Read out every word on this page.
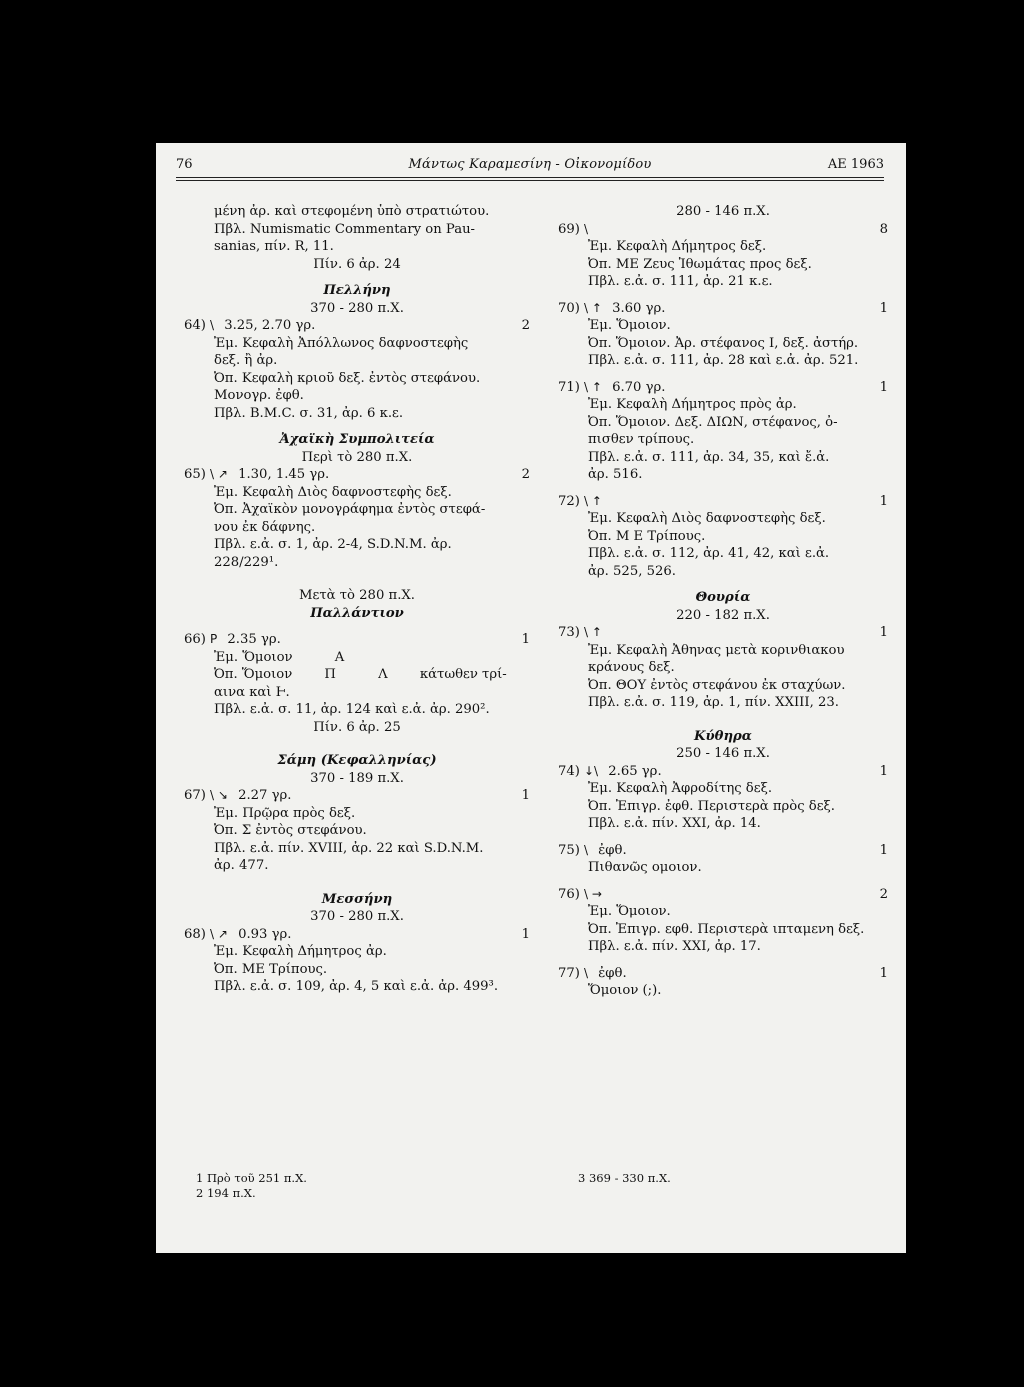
76	Μάντως Καραμεσίνη - Οἰκονομίδου	ΑΕ 1963
μένη ἀρ. καὶ στεφομένη ὑπὸ στρατιώτου.
Πβλ. Numismatic Commentary on Pau-
sanias, πίν. R, 11.
Πίν. 6 ἀρ. 24
Πελλήνη
370 - 280 π.Χ.
64) \ 3.25, 2.70 γρ.	2
Ἐμ. Κεφαλὴ Ἀπόλλωνος δαφνοστεφὴς
δεξ. ἢ ἀρ.
Ὀπ. Κεφαλὴ κριοῦ δεξ. ἐντὸς στεφάνου.
Μονογρ. ἐφθ.
Πβλ. B.M.C. σ. 31, ἀρ. 6 κ.ε.
Ἀχαϊκὴ Συμπολιτεία
Περὶ τὸ 280 π.Χ.
65) \ ↗ 1.30, 1.45 γρ.	2
Ἐμ. Κεφαλὴ Διὸς δαφνοστεφὴς δεξ.
Ὀπ. Ἀχαϊκὸν μονογράφημα ἐντὸς στεφά-
νου ἐκ δάφνης.
Πβλ. ε.ἀ. σ. 1, ἀρ. 2-4, S.D.N.M. ἀρ.
228/229¹.
Μετὰ τὸ 280 π.Χ.
Παλλάντιον
66) Ρ 2.35 γρ.	1
Ἐμ. Ὅμοιον	Α
Ὀπ. Ὅμοιον Π	Λ κάτωθεν τρί-
αινα καὶ Ⱶ.
Πβλ. ε.ἀ. σ. 11, ἀρ. 124 καὶ ε.ἀ. ἀρ. 290².
Πίν. 6 ἀρ. 25
Σάμη (Κεφαλληνίας)
370 - 189 π.Χ.
67) \ ↘ 2.27 γρ.	1
Ἐμ. Πρῷρα πρὸς δεξ.
Ὀπ. Σ ἐντὸς στεφάνου.
Πβλ. ε.ἀ. πίν. XVIII, ἀρ. 22 καὶ S.D.N.M.
ἀρ. 477.
Μεσσήνη
370 - 280 π.Χ.
68) \ ↗ 0.93 γρ.	1
Ἐμ. Κεφαλὴ Δήμητρος ἀρ.
Ὀπ. ΜΕ Τρίπους.
Πβλ. ε.ἀ. σ. 109, ἀρ. 4, 5 καὶ ε.ἀ. ἀρ. 499³.
280 - 146 π.Χ.
69) \	8
Ἐμ. Κεφαλὴ Δήμητρος δεξ.
Ὀπ. ΜΕ Ζευς Ἰθωμάτας προς δεξ.
Πβλ. ε.ἀ. σ. 111, ἀρ. 21 κ.ε.
70) \ ↑ 3.60 γρ.	1
Ἐμ. Ὅμοιον.
Ὀπ. Ὅμοιον. Ἀρ. στέφανος Ι, δεξ. ἀστήρ.
Πβλ. ε.ἀ. σ. 111, ἀρ. 28 καὶ ε.ἀ. ἀρ. 521.
71) \ ↑ 6.70 γρ.	1
Ἐμ. Κεφαλὴ Δήμητρος πρὸς ἀρ.
Ὀπ. Ὅμοιον. Δεξ. ΔΙΩΝ, στέφανος, ὀ-
πισθεν τρίπους.
Πβλ. ε.ἀ. σ. 111, ἀρ. 34, 35, καὶ ἔ.ἀ.
ἀρ. 516.
72) \ ↑	1
Ἐμ. Κεφαλὴ Διὸς δαφνοστεφὴς δεξ.
Ὀπ. Μ Ε Τρίπους.
Πβλ. ε.ἀ. σ. 112, ἀρ. 41, 42, καὶ ε.ἀ.
ἀρ. 525, 526.
Θουρία
220 - 182 π.Χ.
73) \ ↑	1
Ἐμ. Κεφαλὴ Ἀθηνας μετὰ κορινθιακου
κράνους δεξ.
Ὀπ. ΘΟΥ ἐντὸς στεφάνου ἐκ σταχύων.
Πβλ. ε.ἀ. σ. 119, ἀρ. 1, πίν. XXIII, 23.
Κύθηρα
250 - 146 π.Χ.
74) ↓\ 2.65 γρ.	1
Ἐμ. Κεφαλὴ Ἀφροδίτης δεξ.
Ὀπ. Ἐπιγρ. ἐφθ. Περιστερὰ πρὸς δεξ.
Πβλ. ε.ἀ. πίν. XXI, ἀρ. 14.
75) \ ἐφθ.	1
Πιθανῶς ομοιον.
76) \ →	2
Ἐμ. Ὅμοιον.
Ὀπ. Ἐπιγρ. εφθ. Περιστερὰ ιπταμενη δεξ.
Πβλ. ε.ἀ. πίν. XXI, ἀρ. 17.
77) \ ἐφθ.	1
Ὅμοιον (;).
1 Πρὸ τοῦ 251 π.Χ.
2 194 π.Χ.
3 369 - 330 π.Χ.
